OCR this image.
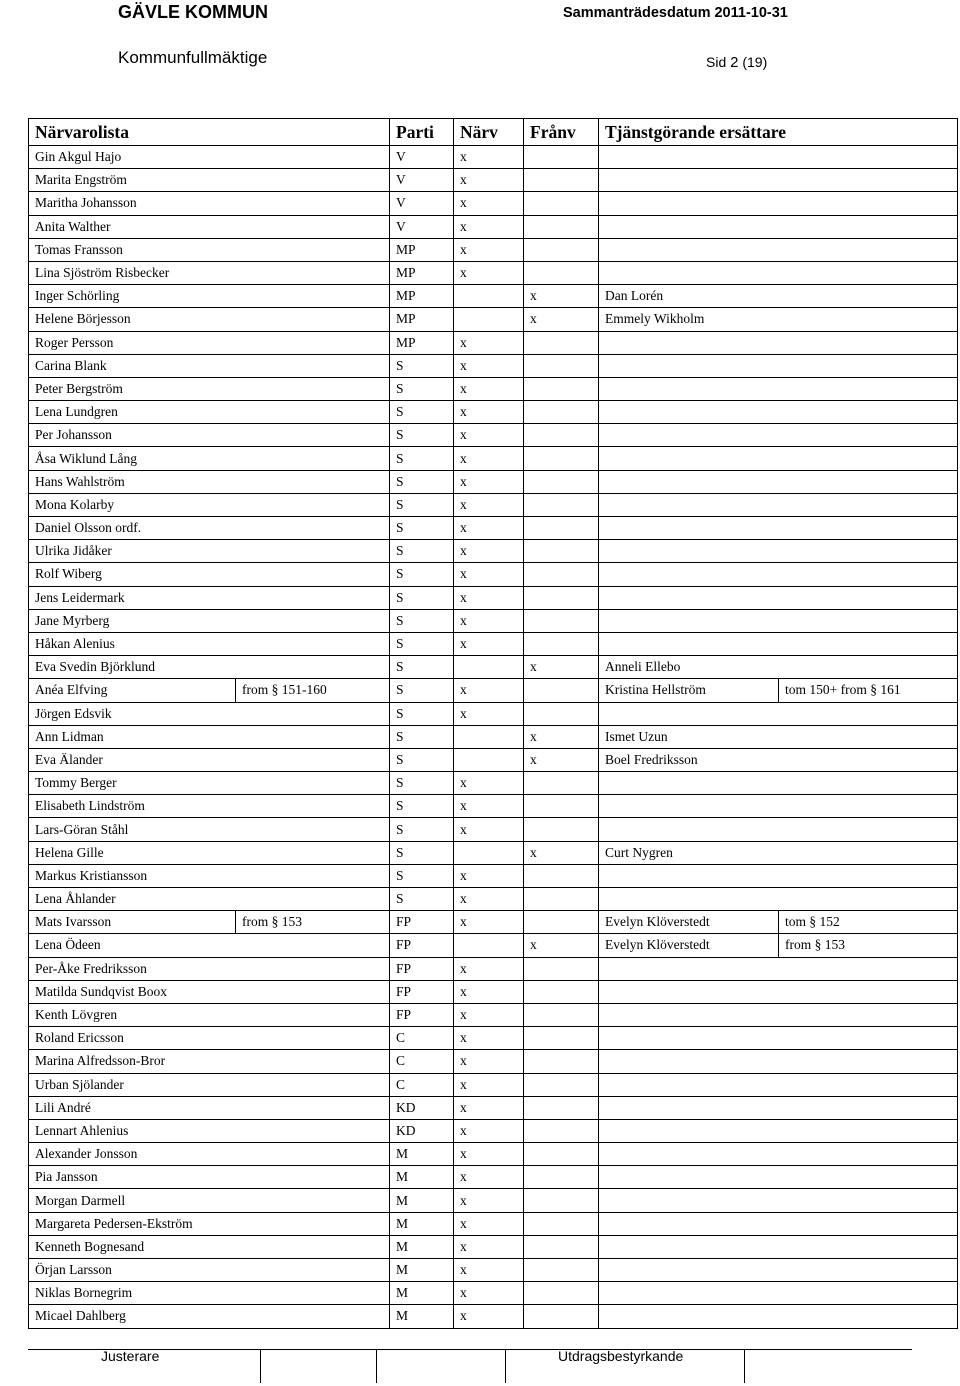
GÄVLE KOMMUN	Sammanträdesdatum 2011-10-31
Kommunfullmäktige	Sid 2 (19)
Närvarolista		Parti	Närv	Frånv	Tjänstgörande ersättare	
Gin Akgul Hajo		V	x			
Marita Engström		V	x			
Maritha Johansson		V	x			
Anita Walther		V	x			
Tomas Fransson		MP	x			
Lina Sjöström Risbecker		MP	x			
Inger Schörling		MP		x	Dan Lorén	
Helene Börjesson		MP		x	Emmely Wikholm	
Roger Persson		MP	x			
Carina Blank		S	x			
Peter Bergström		S	x			
Lena Lundgren		S	x			
Per Johansson		S	x			
Åsa Wiklund Lång		S	x			
Hans Wahlström		S	x			
Mona Kolarby		S	x			
Daniel Olsson ordf.		S	x			
Ulrika Jidåker		S	x			
Rolf Wiberg		S	x			
Jens Leidermark		S	x			
Jane Myrberg		S	x			
Håkan Alenius		S	x			
Eva Svedin Björklund		S		x	Anneli Ellebo	
Anéa Elfving	from § 151-160	S	x		Kristina Hellström	tom 150+ from § 161
Jörgen Edsvik		S	x			
Ann Lidman		S		x	Ismet Uzun	
Eva Älander		S		x	Boel Fredriksson	
Tommy Berger		S	x			
Elisabeth Lindström		S	x			
Lars-Göran Ståhl		S	x			
Helena Gille		S		x	Curt Nygren	
Markus Kristiansson		S	x			
Lena Åhlander		S	x			
Mats Ivarsson	from § 153	FP	x		Evelyn Klöverstedt	tom § 152
Lena Ödeen		FP		x	Evelyn Klöverstedt	from § 153
Per-Åke Fredriksson		FP	x			
Matilda Sundqvist Boox		FP	x			
Kenth Lövgren		FP	x			
Roland Ericsson		C	x			
Marina Alfredsson-Bror		C	x			
Urban Sjölander		C	x			
Lili André		KD	x			
Lennart Ahlenius		KD	x			
Alexander Jonsson		M	x			
Pia Jansson		M	x			
Morgan Darmell		M	x			
Margareta Pedersen-Ekström		M	x			
Kenneth Bognesand		M	x			
Örjan Larsson		M	x			
Niklas Bornegrim		M	x			
Micael Dahlberg		M	x			
Justerare	Utdragsbestyrkande
